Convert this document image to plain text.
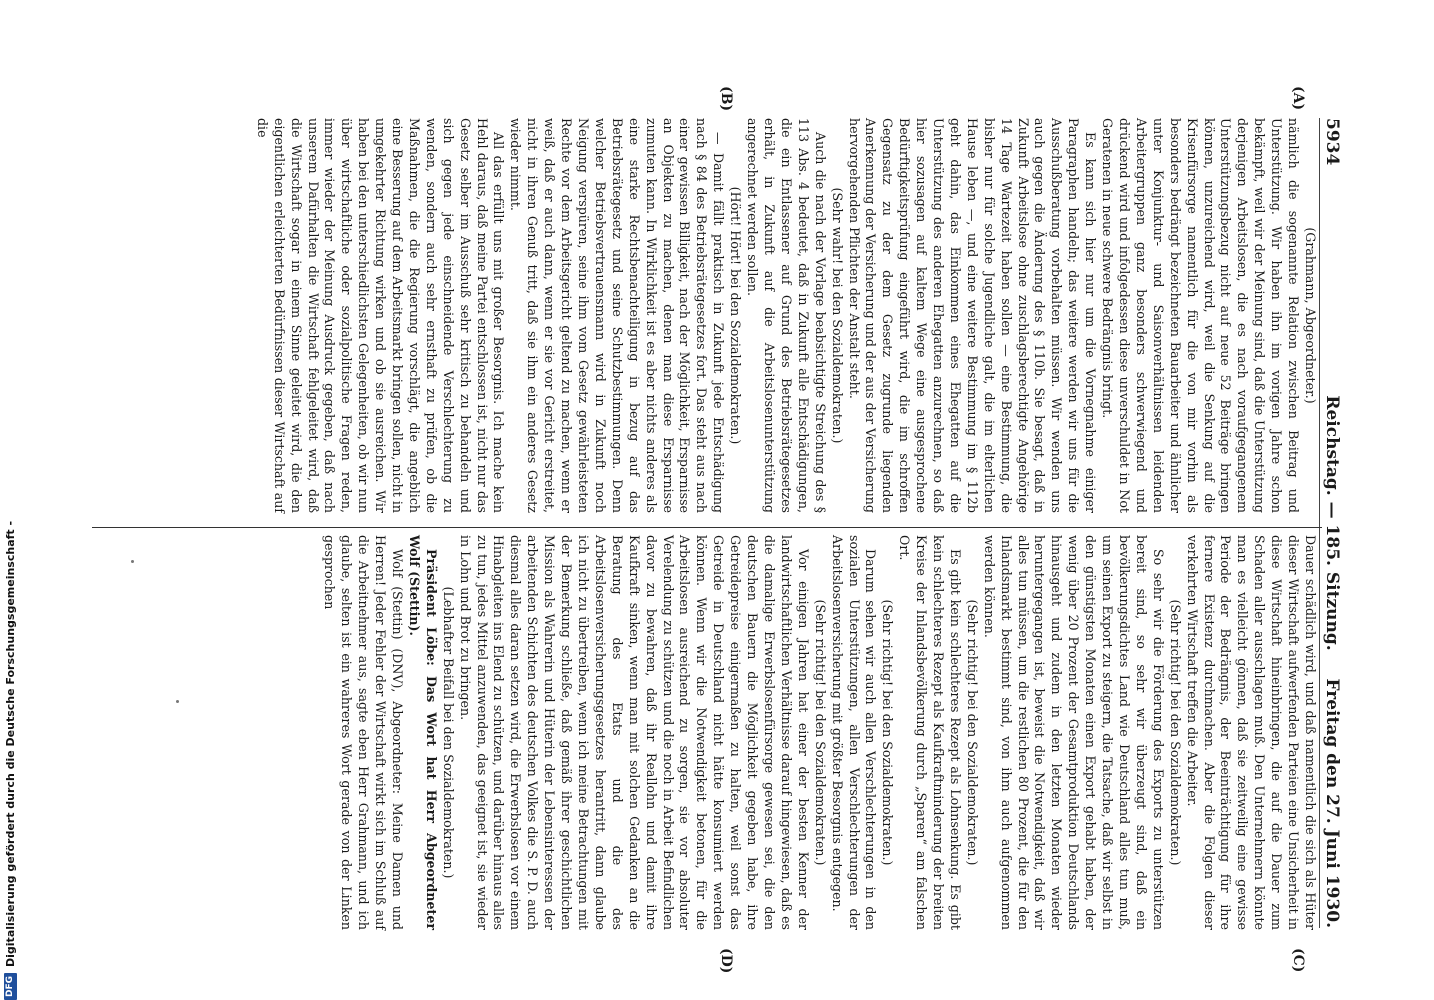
5934
Reichstag. — 185. Sitzung.
Freitag den 27. Juni 1930.
(A)
(B)
(C)
(D)

(Grahmann, Abgeordneter.)

nämlich die sogenannte Relation zwischen Beitrag und Unterstützung. Wir haben ihn im vorigen Jahre schon bekämpft, weil wir der Meinung sind, daß die Unterstützung derjenigen Arbeitslosen, die es nach voraufgegangenem Unterstützungsbezug nicht auf neue 52 Beiträge bringen können, unzureichend wird, weil die Senkung auf die Krisenfürsorge namentlich für die von mir vorhin als besonders bedrängt bezeichneten Bauarbeiter und ähnlicher unter Konjunktur- und Saisonverhältnissen leidenden Arbeitergruppen ganz besonders schwerwiegend und drückend wird und infolgedessen diese unverschuldet in Not Geratenen in neue schwere Bedrängnis bringt.

Es kann sich hier nur um die Vornegnahme einiger Paragraphen handeln; das weitere werden wir uns für die Ausschußberatung vorbehalten müssen. Wir wenden uns auch gegen die Änderung des § 110b. Sie besagt, daß in Zukunft Arbeitslose ohne zuschlagsberechtigte Angehörige 14 Tage Wartezeit haben sollen — eine Bestimmung, die bisher nur für solche Jugendliche galt, die im elterlichen Hause leben —, und eine weitere Bestimmung im § 112b geht dahin, das Einkommen eines Ehegatten auf die Unterstützung des anderen Ehegatten anzurechnen, so daß hier sozusagen auf kaltem Wege eine ausgesprochene Bedürftigkeitsprüfung eingeführt wird, die im schroffen Gegensatz zu der dem Gesetz zugrunde liegenden Anerkennung der Versicherung und der aus der Versicherung hervorgehenden Pflichten der Anstalt steht.

(Sehr wahr! bei den Sozialdemokraten.)

Auch die nach der Vorlage beabsichtigte Streichung des § 113 Abs. 4 bedeutet, daß in Zukunft alle Entschädigungen, die ein Entlassener auf Grund des Betriebsrätegesetzes erhält, in Zukunft auf die Arbeitslosenunterstützung angerechnet werden sollen.

(Hört! Hört! bei den Sozialdemokraten.)

— Damit fällt praktisch in Zukunft jede Entschädigung nach § 84 des Betriebsrätegesetzes fort. Das steht aus nach einer gewissen Billigkeit, nach der Möglichkeit, Ersparnisse an Objekten zu machen, denen man diese Ersparnisse zumuten kann. In Wirklichkeit ist es aber nichts anderes als eine starke Rechtsbenachteiligung in bezug auf das Betriebsrätegesetz und seine Schutzbestimmungen. Denn welcher Betriebsvertrauensmann wird in Zukunft noch Neigung verspüren, seine ihm vom Gesetz gewährleisteten Rechte vor dem Arbeitsgericht geltend zu machen, wenn er weiß, daß er auch dann, wenn er sie vor Gericht erstreitet, nicht in ihren Genuß tritt, daß sie ihm ein anderes Gesetz wieder nimmt.

All das erfüllt uns mit großer Besorgnis. Ich mache kein Hehl daraus, daß meine Partei entschlossen ist, nicht nur das Gesetz selber im Ausschuß sehr kritisch zu behandeln und sich gegen jede einschneidende Verschlechterung zu wenden, sondern auch sehr ernsthaft zu prüfen, ob die Maßnahmen, die die Regierung vorschlägt, die angeblich eine Besserung auf dem Arbeitsmarkt bringen sollen, nicht in umgekehrter Richtung wirken und ob sie ausreichen. Wir haben bei den unterschiedlichsten Gelegenheiten, ob wir nun über wirtschaftliche oder sozialpolitische Fragen reden, immer wieder der Meinung Ausdruck gegeben, daß nach unserem Dafürhalten die Wirtschaft fehlgeleitet wird, daß die Wirtschaft sogar in einem Sinne geleitet wird, die den eigentlichen erleichterten Bedürfnissen dieser Wirtschaft auf die

Dauer schädlich wird, und daß namentlich die sich als Hüter dieser Wirtschaft aufwerfenden Parteien eine Unsicherheit in diese Wirtschaft hineinbringen, die auf die Dauer zum Schaden aller ausschlagen muß. Den Unternehmern könnte man es vielleicht gönnen, daß sie zeitweilig eine gewisse Periode der Bedrängnis, der Beeinträchtigung für ihre fernere Existenz durchmachen. Aber die Folgen dieser verkehrten Wirtschaft treffen die Arbeiter.

(Sehr richtig! bei den Sozialdemokraten.)

So sehr wir die Förderung des Exports zu unterstützen bereit sind, so sehr wir überzeugt sind, daß ein bevölkerungsdichtes Land wie Deutschland alles tun muß, um seinen Export zu steigern, die Tatsache, daß wir selbst in den günstigsten Monaten einen Export gehabt haben, der wenig über 20 Prozent der Gesamtproduktion Deutschlands hinausgeht und zudem in den letzten Monaten wieder heruntergegangen ist, beweist die Notwendigkeit, daß wir alles tun müssen, um die restlichen 80 Prozent, die für den Inlandsmarkt bestimmt sind, von ihm auch aufgenommen werden können.

(Sehr richtig! bei den Sozialdemokraten.)

Es gibt kein schlechteres Rezept als Lohnsenkung. Es gibt kein schlechteres Rezept als Kaufkraftminderung der breiten Kreise der Inlandsbevölkerung durch „Sparen“ am falschen Ort.

(Sehr richtig! bei den Sozialdemokraten.)

Darum sehen wir auch allen Verschlechterungen in den sozialen Unterstützungen, allen Verschlechterungen der Arbeitslosenversicherung mit größter Besorgnis entgegen.

(Sehr richtig! bei den Sozialdemokraten.)

Vor einigen Jahren hat einer der besten Kenner der landwirtschaftlichen Verhältnisse darauf hingewiesen, daß es die damalige Erwerbslosenfürsorge gewesen sei, die den deutschen Bauern die Möglichkeit gegeben habe, ihre Getreidepreise einigermaßen zu halten, weil sonst das Getreide in Deutschland nicht hätte konsumiert werden können. Wenn wir die Notwendigkeit betonen, für die Arbeitslosen ausreichend zu sorgen, sie vor absoluter Verelendung zu schützen und die noch in Arbeit Befindlichen davor zu bewahren, daß ihr Reallohn und damit ihre Kaufkraft sinken, wenn man mit solchen Gedanken an die Beratung des Etats und die des Arbeitslosenversicherungsgesetzes herantritt, dann glaube ich nicht zu übertreiben, wenn ich meine Betrachtungen mit der Bemerkung schließe, daß gemäß ihrer geschichtlichen Mission als Wahrerin und Hüterin der Lebensinteressen der arbeitenden Schichten des deutschen Volkes die S. P. D. auch diesmal alles daran setzen wird, die Erwerbslosen vor einem Hinabgleiten ins Elend zu schützen, und darüber hinaus alles zu tun, jedes Mittel anzuwenden, das geeignet ist, sie wieder in Lohn und Brot zu bringen.

(Lebhafter Beifall bei den Sozialdemokraten.)

Präsident Löbe: Das Wort hat Herr Abgeordneter Wolf (Stettin).

Wolf (Stettin) (DNV), Abgeordneter: Meine Damen und Herren! Jeder Fehler der Wirtschaft wirkt sich im Schluß auf die Arbeitnehmer aus, sagte eben Herr Grahmann, und ich glaube, selten ist ein wahreres Wort gerade von der Linken gesprochen

DFG
Digitalisierung gefördert durch die Deutsche Forschungsgemeinschaft -
